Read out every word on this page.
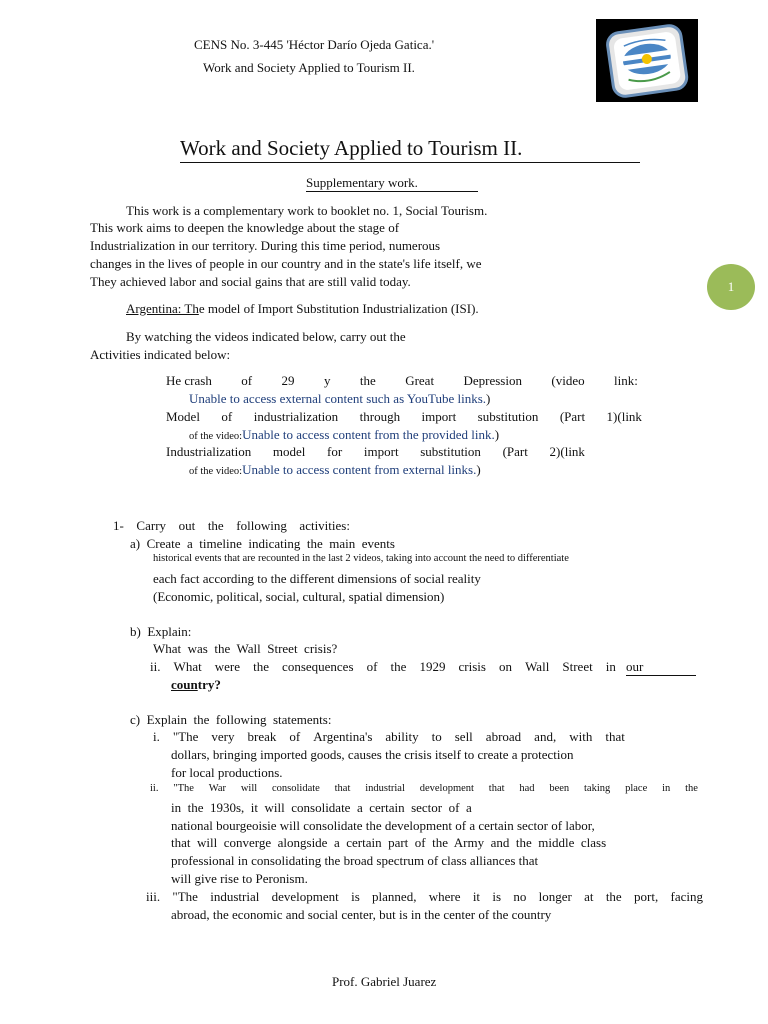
CENS No. 3-445 'Héctor Darío Ojeda Gatica.'
Work and Society Applied to Tourism II.
Work and Society Applied to Tourism II.
Supplementary work.
1
This work is a complementary work to booklet no. 1, Social Tourism.
This work aims to deepen the knowledge about the stage of
Industrialization in our territory. During this time period, numerous
changes in the lives of people in our country and in the state's life itself, we
They achieved labor and social gains that are still valid today.
Argentina: The model of Import Substitution Industrialization (ISI).
By watching the videos indicated below, carry out the
Activities indicated below:
He crash of 29 y the Great Depression (video link:
Unable to access external content such as YouTube links.)
Model of industrialization through import substitution (Part 1)(link
of the video:Unable to access content from the provided link.)
Industrialization model for import substitution (Part 2)(link
of the video:Unable to access content from external links.)
1- Carry out the following activities:
a)  Create  a  timeline  indicating  the  main  events
historical events that are recounted in the last 2 videos, taking into account the need to differentiate
each fact according to the different dimensions of social reality
(Economic, political, social, cultural, spatial dimension)
b)  Explain:
What  was  the  Wall  Street  crisis?
ii. What were the consequences of the 1929 crisis on Wall Street in our
country?
c)  Explain  the  following  statements:
i. "The very break of Argentina's ability to sell abroad and, with that
dollars, bringing imported goods, causes the crisis itself to create a protection
for local productions.
ii. "The War will consolidate that industrial development that had been taking place in the
in  the  1930s,  it  will  consolidate  a  certain  sector  of  a
national bourgeoisie will consolidate the development of a certain sector of labor,
that  will  converge  alongside  a  certain  part  of  the  Army  and  the  middle  class
professional in consolidating the broad spectrum of class alliances that
will give rise to Peronism.
iii. "The industrial development is planned, where it is no longer at the port, facing
abroad, the economic and social center, but is in the center of the country
Prof. Gabriel Juarez
